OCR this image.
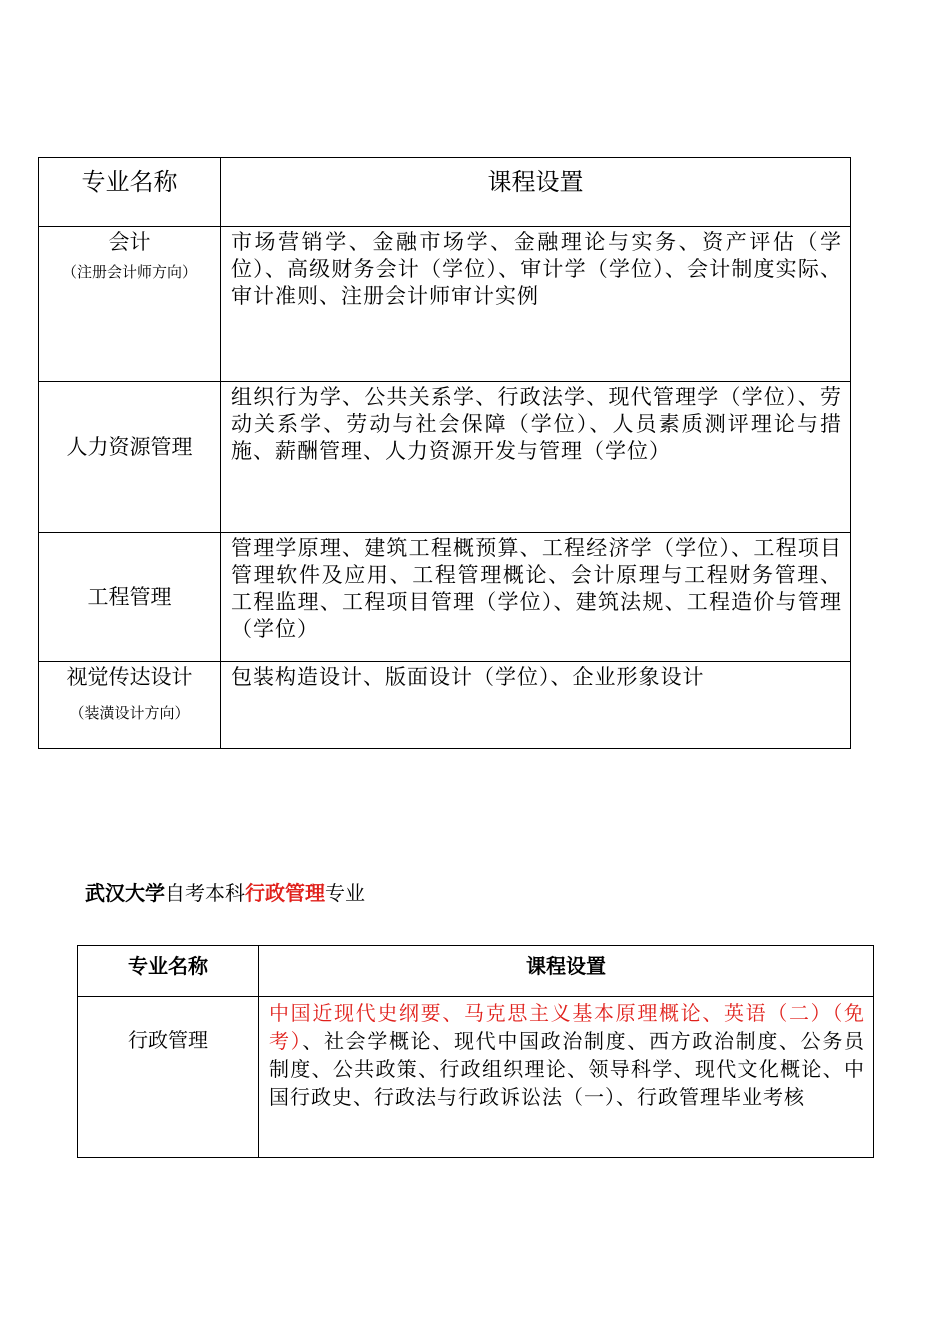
专业名称	课程设置

会计
（注册会计师方向）	市场营销学、金融市场学、金融理论与实务、资产评估（学位）、高级财务会计（学位）、审计学（学位）、会计制度实际、审计准则、注册会计师审计实例

人力资源管理	组织行为学、公共关系学、行政法学、现代管理学（学位）、劳动关系学、劳动与社会保障（学位）、人员素质测评理论与措施、薪酬管理、人力资源开发与管理（学位）

工程管理	管理学原理、建筑工程概预算、工程经济学（学位）、工程项目管理软件及应用、工程管理概论、会计原理与工程财务管理、工程监理、工程项目管理（学位）、建筑法规、工程造价与管理（学位）

视觉传达设计
（装潢设计方向）	包装构造设计、版面设计（学位）、企业形象设计
武汉大学自考本科行政管理专业
专业名称	课程设置

行政管理	中国近现代史纲要、马克思主义基本原理概论、英语（二）（免考）、社会学概论、现代中国政治制度、西方政治制度、公务员制度、公共政策、行政组织理论、领导科学、现代文化概论、中国行政史、行政法与行政诉讼法（一）、行政管理毕业考核
